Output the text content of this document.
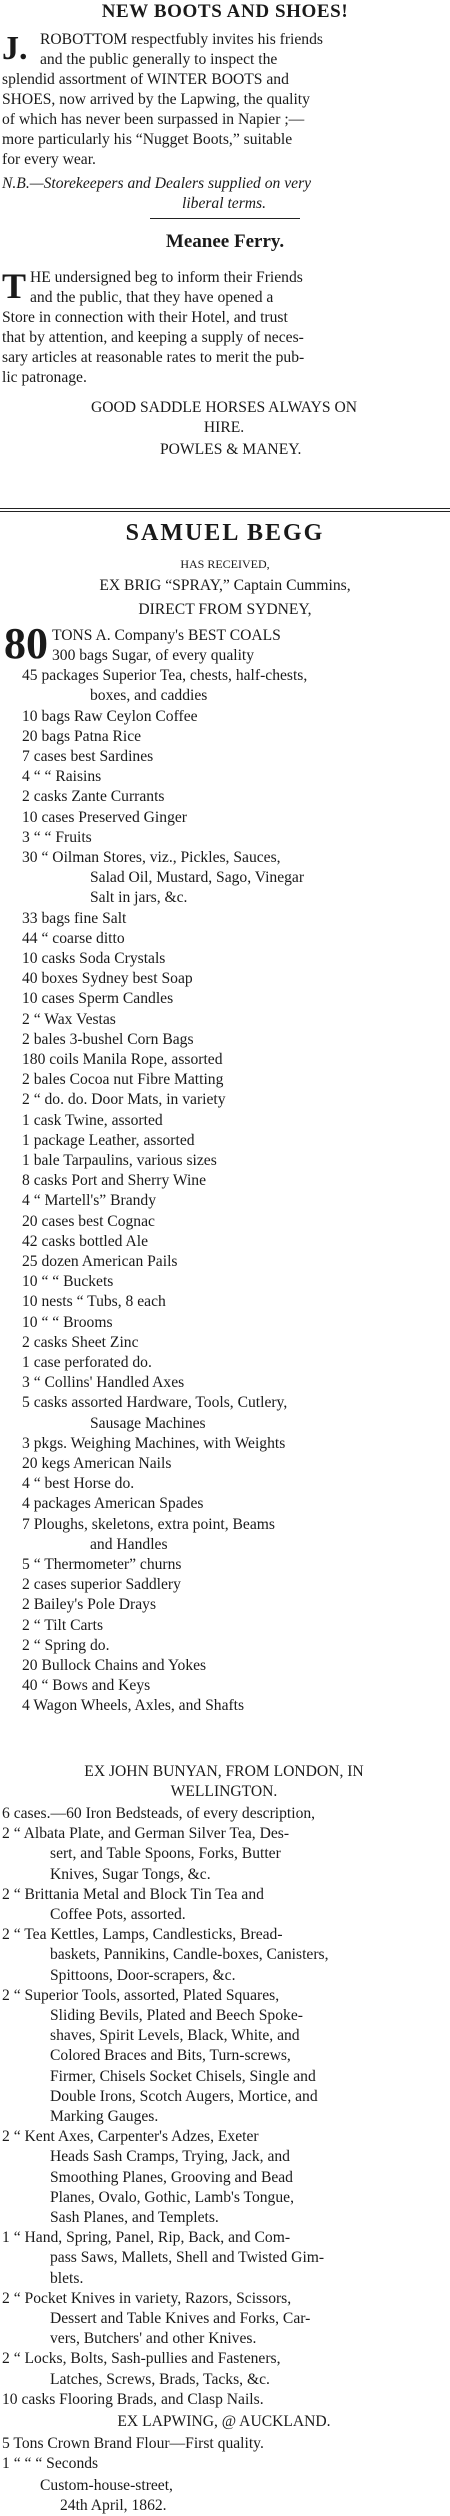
NEW BOOTS AND SHOES!
J. ROBOTTOM respectfubly invites his friends
and the public generally to inspect the
splendid assortment of WINTER BOOTS and
SHOES, now arrived by the Lapwing, the quality
of which has never been surpassed in Napier ;—
more particularly his “Nugget Boots,” suitable
for every wear.
N.B.—Storekeepers and Dealers supplied on very
liberal terms.
Meanee Ferry.
T HE undersigned beg to inform their Friends
and the public, that they have opened a
Store in connection with their Hotel, and trust
that by attention, and keeping a supply of neces-
sary articles at reasonable rates to merit the pub-
lic patronage.
GOOD SADDLE HORSES ALWAYS ON
HIRE.
POWLES & MANEY.
SAMUEL BEGG
HAS RECEIVED,
EX BRIG “SPRAY,” Captain Cummins,
DIRECT FROM SYDNEY,
80 TONS A. Company's BEST COALS
300 bags Sugar, of every quality
45 packages Superior Tea, chests, half-chests,
boxes, and caddies
10 bags Raw Ceylon Coffee
20 bags Patna Rice
7 cases best Sardines
4 “ “ Raisins
2 casks Zante Currants
10 cases Preserved Ginger
3 “ “ Fruits
30 “ Oilman Stores, viz., Pickles, Sauces,
Salad Oil, Mustard, Sago, Vinegar
Salt in jars, &c.
33 bags fine Salt
44 “ coarse ditto
10 casks Soda Crystals
40 boxes Sydney best Soap
10 cases Sperm Candles
2 “ Wax Vestas
2 bales 3-bushel Corn Bags
180 coils Manila Rope, assorted
2 bales Cocoa nut Fibre Matting
2 “ do. do. Door Mats, in variety
1 cask Twine, assorted
1 package Leather, assorted
1 bale Tarpaulins, various sizes
8 casks Port and Sherry Wine
4 “ Martell's” Brandy
20 cases best Cognac
42 casks bottled Ale
25 dozen American Pails
10 “ “ Buckets
10 nests “ Tubs, 8 each
10 “ “ Brooms
2 casks Sheet Zinc
1 case perforated do.
3 “ Collins' Handled Axes
5 casks assorted Hardware, Tools, Cutlery,
Sausage Machines
3 pkgs. Weighing Machines, with Weights
20 kegs American Nails
4 “ best Horse do.
4 packages American Spades
7 Ploughs, skeletons, extra point, Beams
and Handles
5 “ Thermometer” churns
2 cases superior Saddlery
2 Bailey's Pole Drays
2 “ Tilt Carts
2 “ Spring do.
20 Bullock Chains and Yokes
40 “ Bows and Keys
4 Wagon Wheels, Axles, and Shafts
EX JOHN BUNYAN, FROM LONDON, IN
WELLINGTON.
6 cases.—60 Iron Bedsteads, of every description,
2 “ Albata Plate, and German Silver Tea, Des-
sert, and Table Spoons, Forks, Butter
Knives, Sugar Tongs, &c.
2 “ Brittania Metal and Block Tin Tea and
Coffee Pots, assorted.
2 “ Tea Kettles, Lamps, Candlesticks, Bread-
baskets, Pannikins, Candle-boxes, Canisters,
Spittoons, Door-scrapers, &c.
2 “ Superior Tools, assorted, Plated Squares,
Sliding Bevils, Plated and Beech Spoke-
shaves, Spirit Levels, Black, White, and
Colored Braces and Bits, Turn-screws,
Firmer, Chisels Socket Chisels, Single and
Double Irons, Scotch Augers, Mortice, and
Marking Gauges.
2 “ Kent Axes, Carpenter's Adzes, Exeter
Heads Sash Cramps, Trying, Jack, and
Smoothing Planes, Grooving and Bead
Planes, Ovalo, Gothic, Lamb's Tongue,
Sash Planes, and Templets.
1 “ Hand, Spring, Panel, Rip, Back, and Com-
pass Saws, Mallets, Shell and Twisted Gim-
blets.
2 “ Pocket Knives in variety, Razors, Scissors,
Dessert and Table Knives and Forks, Car-
vers, Butchers' and other Knives.
2 “ Locks, Bolts, Sash-pullies and Fasteners,
Latches, Screws, Brads, Tacks, &c.
10 casks Flooring Brads, and Clasp Nails.
EX LAPWING, @ AUCKLAND.
5 Tons Crown Brand Flour—First quality.
1 “ “ “ Seconds
Custom-house-street,
24th April, 1862.
